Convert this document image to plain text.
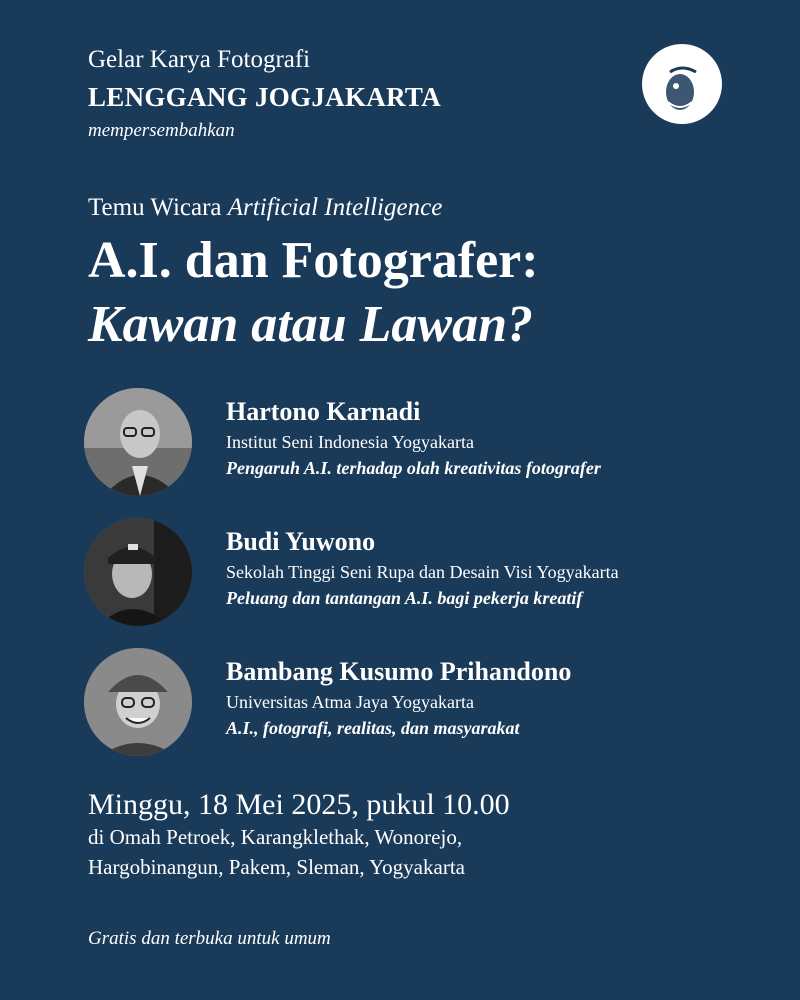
Gelar Karya Fotografi
LENGGANG JOGJAKARTA
mempersembahkan
Temu Wicara Artificial Intelligence
A.I. dan Fotografer:
Kawan atau Lawan?
Hartono Karnadi
Institut Seni Indonesia Yogyakarta
Pengaruh A.I. terhadap olah kreativitas fotografer
Budi Yuwono
Sekolah Tinggi Seni Rupa dan Desain Visi Yogyakarta
Peluang dan tantangan A.I. bagi pekerja kreatif
Bambang Kusumo Prihandono
Universitas Atma Jaya Yogyakarta
A.I., fotografi, realitas, dan masyarakat
Minggu, 18 Mei 2025, pukul 10.00
di Omah Petroek, Karangklethak, Wonorejo,
Hargobinangun, Pakem, Sleman, Yogyakarta
Gratis dan terbuka untuk umum
